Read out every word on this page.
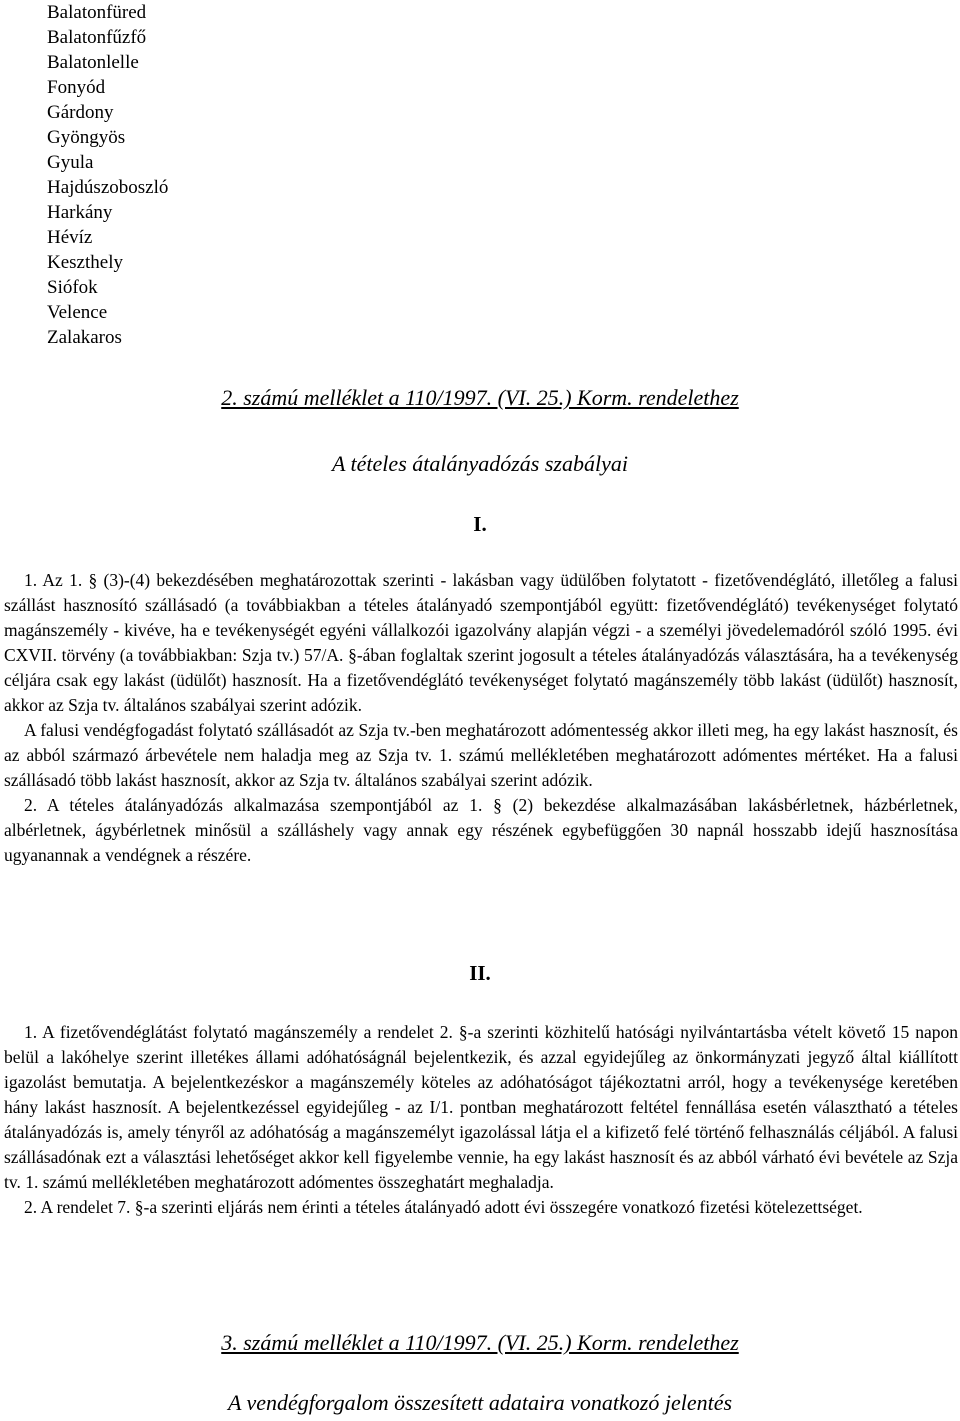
Balatonfüred
Balatonfűzfő
Balatonlelle
Fonyód
Gárdony
Gyöngyös
Gyula
Hajdúszoboszló
Harkány
Hévíz
Keszthely
Siófok
Velence
Zalakaros
2. számú melléklet a 110/1997. (VI. 25.) Korm. rendelethez
A tételes átalányadózás szabályai
I.

1. Az 1. § (3)-(4) bekezdésében meghatározottak szerinti - lakásban vagy üdülőben folytatott - fizetővendéglátó, illetőleg a falusi szállást hasznosító szállásadó (a továbbiakban a tételes átalányadó szempontjából együtt: fizetővendéglátó) tevékenységet folytató magánszemély - kivéve, ha e tevékenységét egyéni vállalkozói igazolvány alapján végzi - a személyi jövedelemadóról szóló 1995. évi CXVII. törvény (a továbbiakban: Szja tv.) 57/A. §-ában foglaltak szerint jogosult a tételes átalányadózás választására, ha a tevékenység céljára csak egy lakást (üdülőt) hasznosít. Ha a fizetővendéglátó tevékenységet folytató magánszemély több lakást (üdülőt) hasznosít, akkor az Szja tv. általános szabályai szerint adózik.

A falusi vendégfogadást folytató szállásadót az Szja tv.-ben meghatározott adómentesség akkor illeti meg, ha egy lakást hasznosít, és az abból származó árbevétele nem haladja meg az Szja tv. 1. számú mellékletében meghatározott adómentes mértéket. Ha a falusi szállásadó több lakást hasznosít, akkor az Szja tv. általános szabályai szerint adózik.

2. A tételes átalányadózás alkalmazása szempontjából az 1. § (2) bekezdése alkalmazásában lakásbérletnek, házbérletnek, albérletnek, ágybérletnek minősül a szálláshely vagy annak egy részének egybefüggően 30 napnál hosszabb idejű hasznosítása ugyanannak a vendégnek a részére.

II.

1. A fizetővendéglátást folytató magánszemély a rendelet 2. §-a szerinti közhitelű hatósági nyilvántartásba vételt követő 15 napon belül a lakóhelye szerint illetékes állami adóhatóságnál bejelentkezik, és azzal egyidejűleg az önkormányzati jegyző által kiállított igazolást bemutatja. A bejelentkezéskor a magánszemély köteles az adóhatóságot tájékoztatni arról, hogy a tevékenysége keretében hány lakást hasznosít. A bejelentkezéssel egyidejűleg - az I/1. pontban meghatározott feltétel fennállása esetén választható a tételes átalányadózás is, amely tényről az adóhatóság a magánszemélyt igazolással látja el a kifizető felé történő felhasználás céljából. A falusi szállásadónak ezt a választási lehetőséget akkor kell figyelembe vennie, ha egy lakást hasznosít és az abból várható évi bevétele az Szja tv. 1. számú mellékletében meghatározott adómentes összeghatárt meghaladja.

2. A rendelet 7. §-a szerinti eljárás nem érinti a tételes átalányadó adott évi összegére vonatkozó fizetési kötelezettséget.

3. számú melléklet a 110/1997. (VI. 25.) Korm. rendelethez
A vendégforgalom összesített adataira vonatkozó jelentés
